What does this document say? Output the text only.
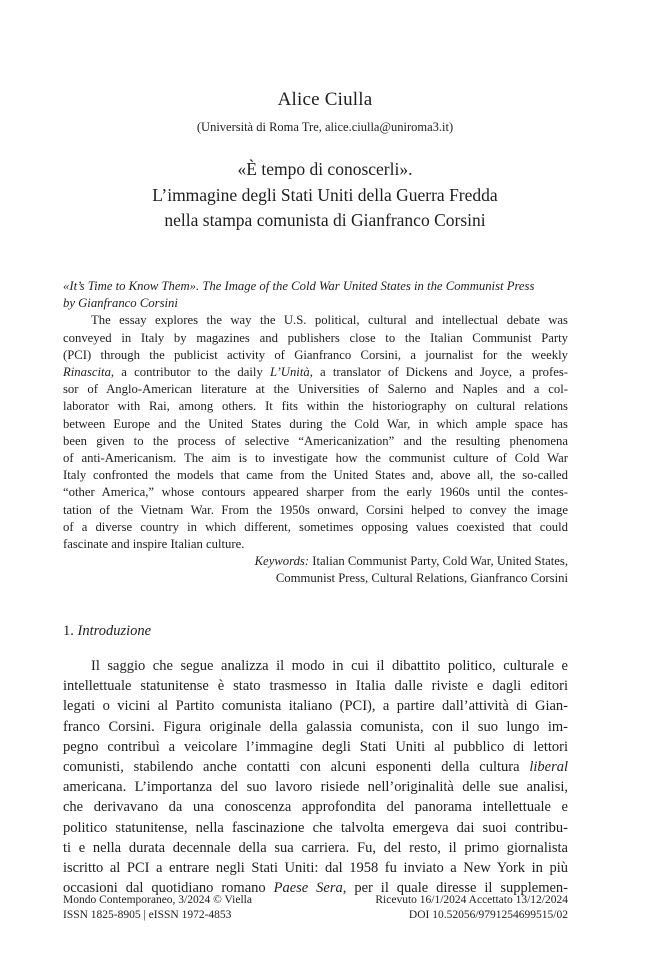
Alice Ciulla
(Università di Roma Tre, alice.ciulla@uniroma3.it)
«È tempo di conoscerli».
L’immagine degli Stati Uniti della Guerra Fredda
nella stampa comunista di Gianfranco Corsini
«It’s Time to Know Them». The Image of the Cold War United States in the Communist Press
by Gianfranco Corsini
The essay explores the way the U.S. political, cultural and intellectual debate was
conveyed in Italy by magazines and publishers close to the Italian Communist Party
(PCI) through the publicist activity of Gianfranco Corsini, a journalist for the weekly
Rinascita, a contributor to the daily L’Unità, a translator of Dickens and Joyce, a profes-
sor of Anglo-American literature at the Universities of Salerno and Naples and a col-
laborator with Rai, among others. It fits within the historiography on cultural relations
between Europe and the United States during the Cold War, in which ample space has
been given to the process of selective “Americanization” and the resulting phenomena
of anti-Americanism. The aim is to investigate how the communist culture of Cold War
Italy confronted the models that came from the United States and, above all, the so-called
“other America,” whose contours appeared sharper from the early 1960s until the contes-
tation of the Vietnam War. From the 1950s onward, Corsini helped to convey the image
of a diverse country in which different, sometimes opposing values coexisted that could
fascinate and inspire Italian culture.
Keywords: Italian Communist Party, Cold War, United States,
Communist Press, Cultural Relations, Gianfranco Corsini
1. Introduzione
Il saggio che segue analizza il modo in cui il dibattito politico, culturale e
intellettuale statunitense è stato trasmesso in Italia dalle riviste e dagli editori
legati o vicini al Partito comunista italiano (PCI), a partire dall’attività di Gian-
franco Corsini. Figura originale della galassia comunista, con il suo lungo im-
pegno contribuì a veicolare l’immagine degli Stati Uniti al pubblico di lettori
comunisti, stabilendo anche contatti con alcuni esponenti della cultura liberal
americana. L’importanza del suo lavoro risiede nell’originalità delle sue analisi,
che derivavano da una conoscenza approfondita del panorama intellettuale e
politico statunitense, nella fascinazione che talvolta emergeva dai suoi contribu-
ti e nella durata decennale della sua carriera. Fu, del resto, il primo giornalista
iscritto al PCI a entrare negli Stati Uniti: dal 1958 fu inviato a New York in più
occasioni dal quotidiano romano Paese Sera, per il quale diresse il supplemen-
Mondo Contemporaneo, 3/2024 © Viella
ISSN 1825-8905 | eISSN 1972-4853
Ricevuto 16/1/2024 Accettato 13/12/2024
DOI 10.52056/9791254699515/02
